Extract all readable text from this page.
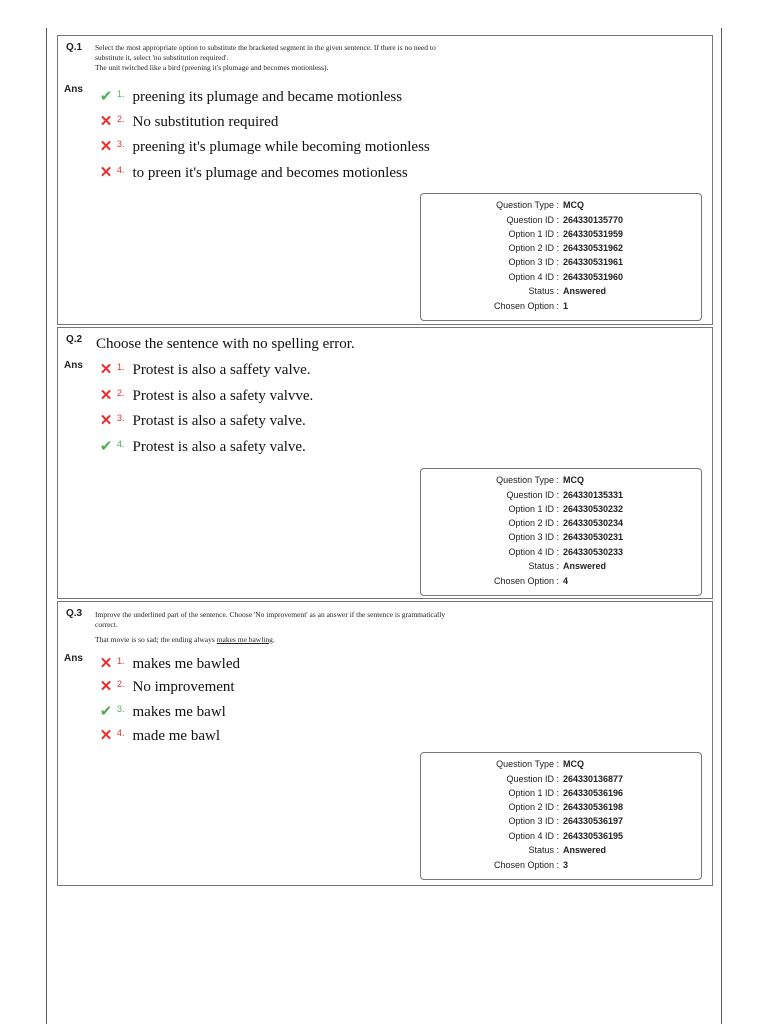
Q.1 Select the most appropriate option to substitute the bracketed segment in the given sentence. If there is no need to
substitute it, select 'no substitution required'.
The unit twitched like a bird (preening it's plumage and becomes motionless).
Ans ✔ 1. preening its plumage and became motionless
✕ 2. No substitution required
✕ 3. preening it's plumage while becoming motionless
✕ 4. to preen it's plumage and becomes motionless
Question Type : MCQ
Question ID : 264330135770
Option 1 ID : 264330531959
Option 2 ID : 264330531962
Option 3 ID : 264330531961
Option 4 ID : 264330531960
Status : Answered
Chosen Option : 1
Q.2 Choose the sentence with no spelling error.
Ans ✕ 1. Protest is also a saffety valve.
✕ 2. Protest is also a safety valvve.
✕ 3. Protast is also a safety valve.
✔ 4. Protest is also a safety valve.
Question Type : MCQ
Question ID : 264330135331
Option 1 ID : 264330530232
Option 2 ID : 264330530234
Option 3 ID : 264330530231
Option 4 ID : 264330530233
Status : Answered
Chosen Option : 4
Q.3 Improve the underlined part of the sentence. Choose 'No improvement' as an answer if the sentence is grammatically
correct.
That movie is so sad; the ending always makes me bawling.
Ans ✕ 1. makes me bawled
✕ 2. No improvement
✔ 3. makes me bawl
✕ 4. made me bawl
Question Type : MCQ
Question ID : 264330136877
Option 1 ID : 264330536196
Option 2 ID : 264330536198
Option 3 ID : 264330536197
Option 4 ID : 264330536195
Status : Answered
Chosen Option : 3
